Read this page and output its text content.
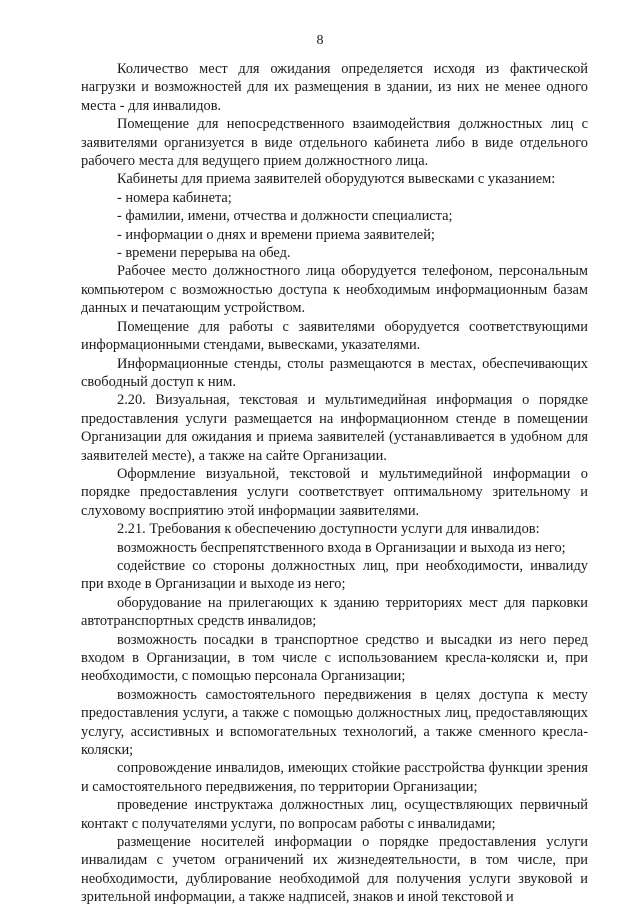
8

Количество мест для ожидания определяется исходя из фактической нагрузки и возможностей для их размещения в здании, из них не менее одного места - для инвалидов.

Помещение для непосредственного взаимодействия должностных лиц с заявителями организуется в виде отдельного кабинета либо в виде отдельного рабочего места для ведущего прием должностного лица.

Кабинеты для приема заявителей оборудуются вывесками с указанием:

- номера кабинета;

- фамилии, имени, отчества и должности специалиста;

- информации о днях и времени приема заявителей;

- времени перерыва на обед.

Рабочее место должностного лица оборудуется телефоном, персональным компьютером с возможностью доступа к необходимым информационным базам данных и печатающим устройством.

Помещение для работы с заявителями оборудуется соответствующими информационными стендами, вывесками, указателями.

Информационные стенды, столы размещаются в местах, обеспечивающих свободный доступ к ним.

2.20. Визуальная, текстовая и мультимедийная информация о порядке предоставления услуги размещается на информационном стенде в помещении Организации для ожидания и приема заявителей (устанавливается в удобном для заявителей месте), а также на сайте Организации.

Оформление визуальной, текстовой и мультимедийной информации о порядке предоставления услуги соответствует оптимальному зрительному и слуховому восприятию этой информации заявителями.

2.21. Требования к обеспечению доступности услуги для инвалидов:

возможность беспрепятственного входа в Организации и выхода из него;

содействие со стороны должностных лиц, при необходимости, инвалиду при входе в Организации и выходе из него;

оборудование на прилегающих к зданию территориях мест для парковки автотранспортных средств инвалидов;

возможность посадки в транспортное средство и высадки из него перед входом в Организации, в том числе с использованием кресла-коляски и, при необходимости, с помощью персонала Организации;

возможность самостоятельного передвижения в целях доступа к месту предоставления услуги, а также с помощью должностных лиц, предоставляющих услугу, ассистивных и вспомогательных технологий, а также сменного кресла-коляски;

сопровождение инвалидов, имеющих стойкие расстройства функции зрения и самостоятельного передвижения, по территории Организации;

проведение инструктажа должностных лиц, осуществляющих первичный контакт с получателями услуги, по вопросам работы с инвалидами;

размещение носителей информации о порядке предоставления услуги инвалидам с учетом ограничений их жизнедеятельности, в том числе, при необходимости, дублирование необходимой для получения услуги звуковой и зрительной информации, а также надписей, знаков и иной текстовой и
